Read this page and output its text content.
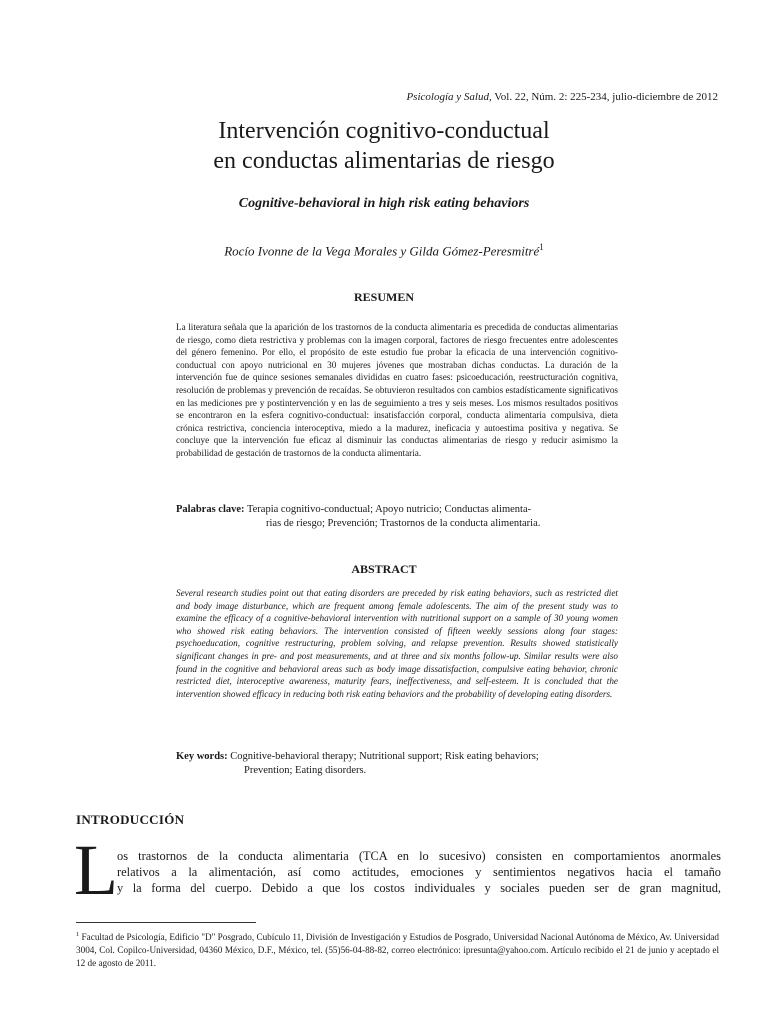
Psicología y Salud, Vol. 22, Núm. 2: 225-234, julio-diciembre de 2012
Intervención cognitivo-conductual
en conductas alimentarias de riesgo
Cognitive-behavioral in high risk eating behaviors
Rocío Ivonne de la Vega Morales y Gilda Gómez-Peresmitré$^1$
RESUMEN
La literatura señala que la aparición de los trastornos de la conducta alimentaria es precedida de conductas alimentarias de riesgo, como dieta restrictiva y problemas con la imagen corporal, factores de riesgo frecuentes entre adolescentes del género femenino. Por ello, el propósito de este estudio fue probar la eficacia de una intervención cognitivo-conductual con apoyo nutricional en 30 mujeres jóvenes que mostraban dichas conductas. La duración de la intervención fue de quince sesiones semanales divididas en cuatro fases: psicoeducación, reestructuración cognitiva, resolución de problemas y prevención de recaídas. Se obtuvieron resultados con cambios estadísticamente significativos en las mediciones pre y postintervención y en las de seguimiento a tres y seis meses. Los mismos resultados positivos se encontraron en la esfera cognitivo-conductual: insatisfacción corporal, conducta alimentaria compulsiva, dieta crónica restrictiva, conciencia interoceptiva, miedo a la madurez, ineficacia y autoestima positiva y negativa. Se concluye que la intervención fue eficaz al disminuir las conductas alimentarias de riesgo y reducir asimismo la probabilidad de gestación de trastornos de la conducta alimentaria.
Palabras clave: Terapia cognitivo-conductual; Apoyo nutricio; Conductas alimenta-
rias de riesgo; Prevención; Trastornos de la conducta alimentaria.
ABSTRACT
Several research studies point out that eating disorders are preceded by risk eating behaviors, such as restricted diet and body image disturbance, which are frequent among female adolescents. The aim of the present study was to examine the efficacy of a cognitive-behavioral intervention with nutritional support on a sample of 30 young women who showed risk eating behaviors. The intervention consisted of fifteen weekly sessions along four stages: psychoeducation, cognitive restructuring, problem solving, and relapse prevention. Results showed statistically significant changes in pre- and post measurements, and at three and six months follow-up. Similar results were also found in the cognitive and behavioral areas such as body image dissatisfaction, compulsive eating behavior, chronic restricted diet, interoceptive awareness, maturity fears, ineffectiveness, and self-esteem. It is concluded that the intervention showed efficacy in reducing both risk eating behaviors and the probability of developing eating disorders.
Key words: Cognitive-behavioral therapy; Nutritional support; Risk eating behaviors;
Prevention; Eating disorders.
INTRODUCCIÓN
L os trastornos de la conducta alimentaria (TCA en lo sucesivo) consisten en comportamientos anormales
relativos a la alimentación, así como actitudes, emociones y sentimientos negativos hacia el tamaño
y la forma del cuerpo. Debido a que los costos individuales y sociales pueden ser de gran magnitud,
$^1$ Facultad de Psicología, Edificio "D" Posgrado, Cubículo 11, División de Investigación y Estudios de Posgrado, Universidad Nacional Autónoma de México, Av. Universidad 3004, Col. Copilco-Universidad, 04360 México, D.F., México, tel. (55)56-04-88-82, correo electrónico: ipresunta@yahoo.com. Artículo recibido el 21 de junio y aceptado el 12 de agosto de 2011.
